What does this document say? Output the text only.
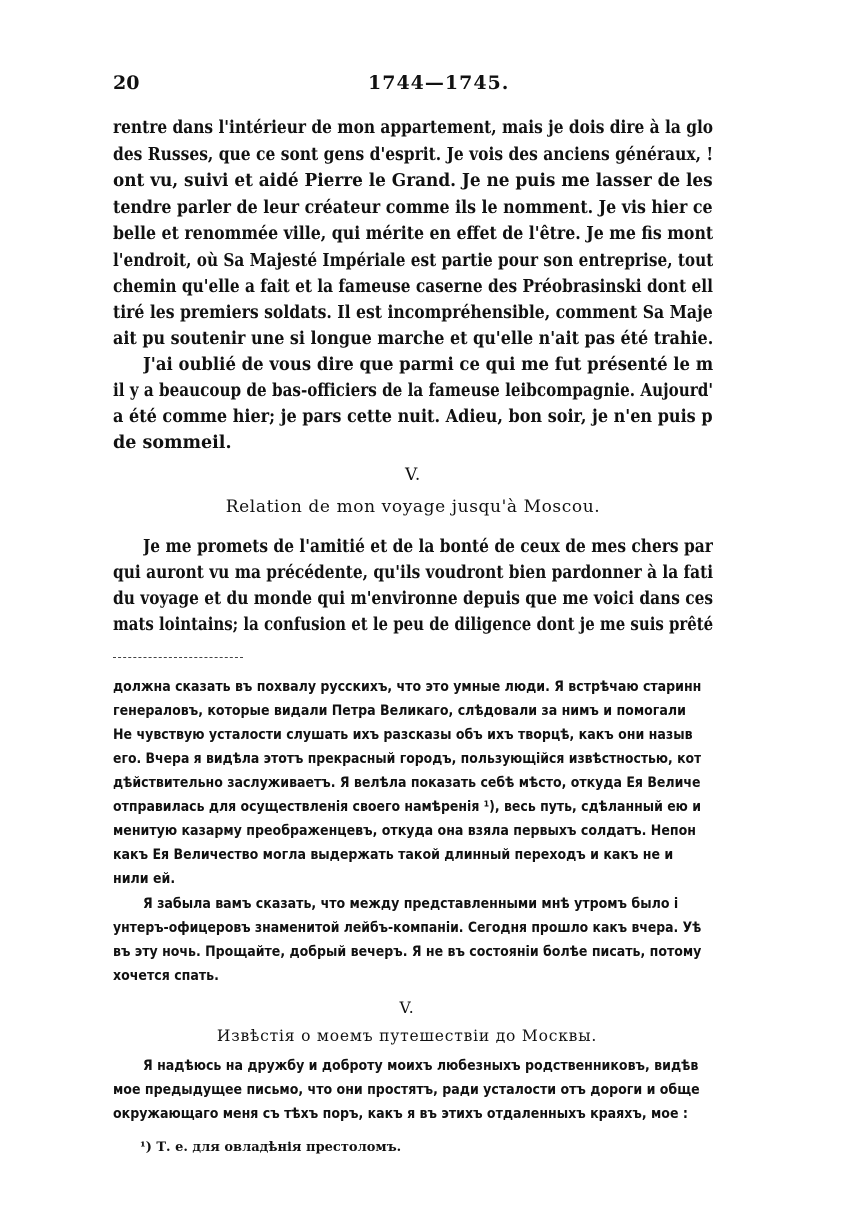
20	1744—1745.
rentre dans l'intérieur de mon appartement, mais je dois dire à la glo
des Russes, que ce sont gens d'esprit. Je vois des anciens généraux, !
ont vu, suivi et aidé Pierre le Grand. Je ne puis me lasser de les
tendre parler de leur créateur comme ils le nomment. Je vis hier ce
belle et renommée ville, qui mérite en effet de l'être. Je me fis mont
l'endroit, où Sa Majesté Impériale est partie pour son entreprise, tout
chemin qu'elle a fait et la fameuse caserne des Préobrasinski dont ell
tiré les premiers soldats. Il est incompréhensible, comment Sa Maje
ait pu soutenir une si longue marche et qu'elle n'ait pas été trahie.
J'ai oublié de vous dire que parmi ce qui me fut présenté le m
il y a beaucoup de bas-officiers de la fameuse leibcompagnie. Aujourd'
a été comme hier; je pars cette nuit. Adieu, bon soir, je n'en puis p
de sommeil.
V.
Relation de mon voyage jusqu'à Moscou.
Je me promets de l'amitié et de la bonté de ceux de mes chers par
qui auront vu ma précédente, qu'ils voudront bien pardonner à la fati
du voyage et du monde qui m'environne depuis que me voici dans ces
mats lointains; la confusion et le peu de diligence dont je me suis prêté
должна сказать въ похвалу русскихъ, что это умные люди. Я встрѣчаю старинн
генераловъ, которые видали Петра Великаго, слѣдовали за нимъ и помогали
Не чувствую усталости слушать ихъ разсказы объ ихъ творцѣ, какъ они назыв
его. Вчера я видѣла этотъ прекрасный городъ, пользующійся извѣстностью, кот
дѣйствительно заслуживаетъ. Я велѣла показать себѣ мѣсто, откуда Ея Величе
отправилась для осуществленія своего намѣренія ¹), весь путь, сдѣланный ею и
менитую казарму преображенцевъ, откуда она взяла первыхъ солдатъ. Непон
какъ Ея Величество могла выдержать такой длинный переходъ и какъ не и
нили ей.
Я забыла вамъ сказать, что между представленными мнѣ утромъ было і
унтеръ-офицеровъ знаменитой лейбъ-компаніи. Сегодня прошло какъ вчера. Уѣ
въ эту ночь. Прощайте, добрый вечеръ. Я не въ состояніи болѣе писать, потому
хочется спать.
V.
Извѣстія о моемъ путешествіи до Москвы.
Я надѣюсь на дружбу и доброту моихъ любезныхъ родственниковъ, видѣв
мое предыдущее письмо, что они простятъ, ради усталости отъ дороги и обще
окружающаго меня съ тѣхъ поръ, какъ я въ этихъ отдаленныхъ краяхъ, мое :
¹) Т. е. для овладѣнія престоломъ.
